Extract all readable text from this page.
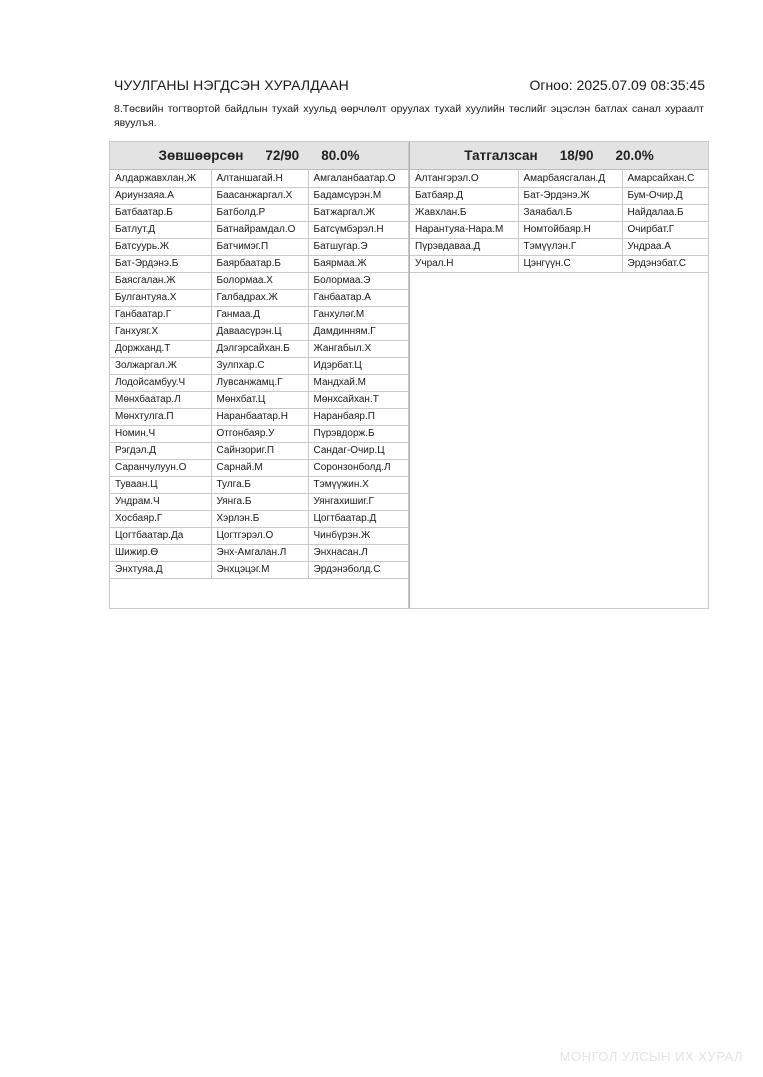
ЧУУЛГАНЫ НЭГДСЭН ХУРАЛДААН	Огноо: 2025.07.09 08:35:45
8.Төсвийн тогтвортой байдлын тухай хуульд өөрчлөлт оруулах тухай хуулийн төслийг эцэслэн батлах санал хураалт явуулъя.
Зөвшөөрсөн 72/90 80.0%
Алдаржавхлан.Ж	Алтаншагай.Н	Амгаланбаатар.О
Ариунзаяа.А	Баасанжаргал.Х	Бадамсүрэн.М
Батбаатар.Б	Батболд.Р	Батжаргал.Ж
Батлут.Д	Батнайрамдал.О	Батсүмбэрэл.Н
Батсуурь.Ж	Батчимэг.П	Батшугар.Э
Бат-Эрдэнэ.Б	Баярбаатар.Б	Баярмаа.Ж
Баясгалан.Ж	Болормаа.Х	Болормаа.Э
Булгантуяа.Х	Галбадрах.Ж	Ганбаатар.А
Ганбаатар.Г	Ганмаа.Д	Ганхуләг.М
Ганхуяг.Х	Даваасүрэн.Ц	Дамдинням.Г
Доржханд.Т	Дэлгэрсайхан.Б	Жангабыл.Х
Золжаргал.Ж	Зулпхар.С	Идэрбат.Ц
Лодойсамбуу.Ч	Лувсанжамц.Г	Мандхай.М
Мөнхбаатар.Л	Мөнхбат.Ц	Мөнхсайхан.Т
Мөнхтулга.П	Наранбаатар.Н	Наранбаяр.П
Номин.Ч	Отгонбаяр.У	Пүрэвдорж.Б
Рэгдэл.Д	Сайнзориг.П	Сандаг-Очир.Ц
Саранчулуун.О	Сарнай.М	Соронзонболд.Л
Туваан.Ц	Тулга.Б	Тэмүүжин.Х
Ундрам.Ч	Уянга.Б	Уянгахишиг.Г
Хосбаяр.Г	Хэрлэн.Б	Цогтбаатар.Д
Цогтбаатар.Да	Цогтгэрэл.О	Чинбүрэн.Ж
Шижир.Ө	Энх-Амгалан.Л	Энхнасан.Л
Энхтуяа.Д	Энхцэцэг.М	Эрдэнэболд.С
Татгалзсан 18/90 20.0%
Алтангэрэл.О	Амарбаясгалан.Д	Амарсайхан.С
Батбаяр.Д	Бат-Эрдэнэ.Ж	Бум-Очир.Д
Жавхлан.Б	Заяабал.Б	Найдалаа.Б
Нарантуяа-Нара.М	Номтойбаяр.Н	Очирбат.Г
Пүрэвдаваа.Д	Тэмүүлэн.Г	Ундраа.А
Учрал.Н	Цэнгүүн.С	Эрдэнэбат.С
МОНГОЛ УЛСЫН ИХ ХУРАЛ
